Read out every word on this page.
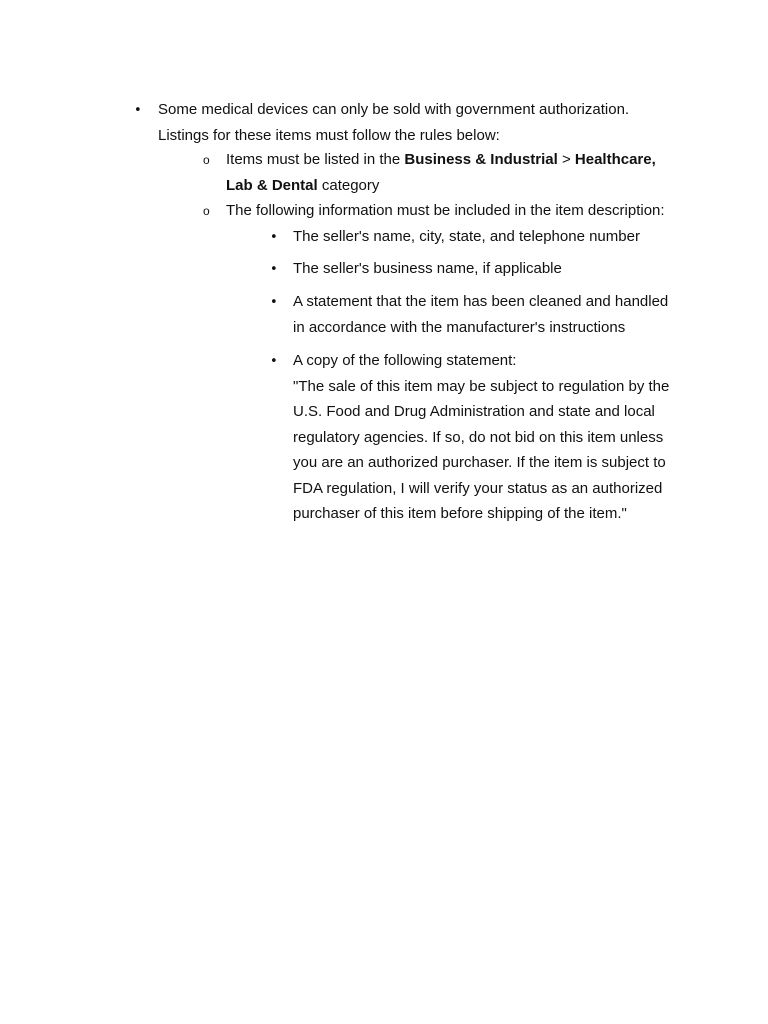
• Some medical devices can only be sold with government authorization.
Listings for these items must follow the rules below:
o Items must be listed in the Business & Industrial > Healthcare,
Lab & Dental category
o The following information must be included in the item description:
• The seller's name, city, state, and telephone number
• The seller's business name, if applicable
• A statement that the item has been cleaned and handled
in accordance with the manufacturer's instructions
• A copy of the following statement:
"The sale of this item may be subject to regulation by the
U.S. Food and Drug Administration and state and local
regulatory agencies. If so, do not bid on this item unless
you are an authorized purchaser. If the item is subject to
FDA regulation, I will verify your status as an authorized
purchaser of this item before shipping of the item."
